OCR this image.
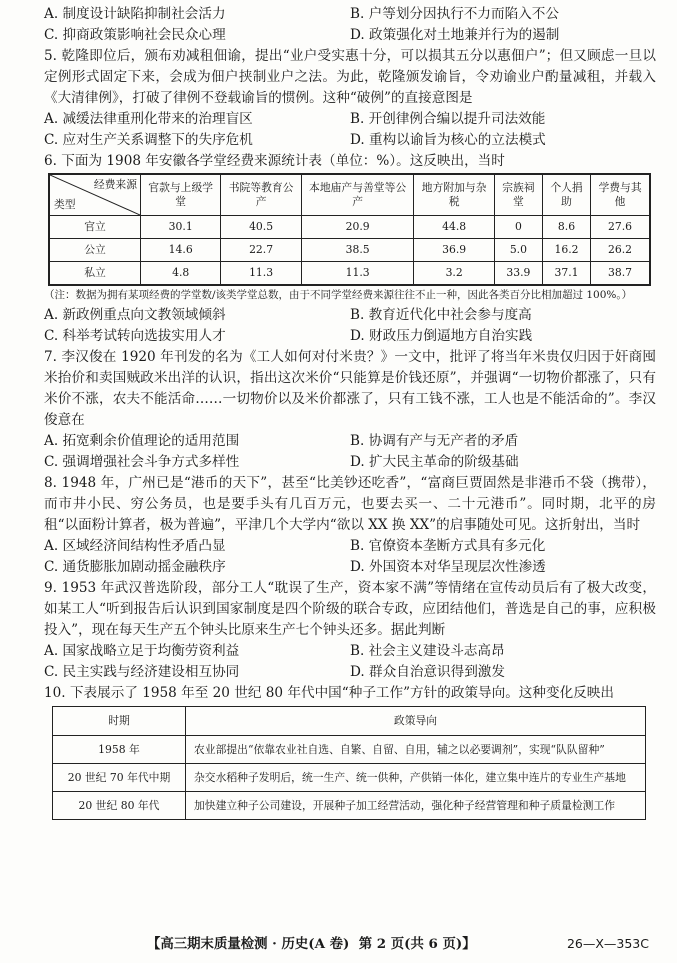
A. 制度设计缺陷抑制社会活力	B. 户等划分因执行不力而陷入不公
C. 抑商政策影响社会民众心理	D. 政策强化对土地兼并行为的遏制

5. 乾隆即位后，颁布劝减租佃谕，提出“业户受实惠十分，可以损其五分以惠佃户”；但又顾虑一旦以定例形式固定下来，会成为佃户挟制业户之法。为此，乾隆颁发谕旨，令劝谕业户酌量减租，并载入《大清律例》，打破了律例不登载谕旨的惯例。这种“破例”的直接意图是

A. 减缓法律重刑化带来的治理盲区	B. 开创律例合编以提升司法效能
C. 应对生产关系调整下的失序危机	D. 重构以谕旨为核心的立法模式

6. 下面为 1908 年安徽各学堂经费来源统计表（单位：%）。这反映出，当时

经费来源
类型	官款与上级学堂	书院等教育公产	本地庙产与善堂等公产	地方附加与杂税	宗族祠堂	个人捐助	学费与其他
官立	30.1	40.5	20.9	44.8	0	8.6	27.6
公立	14.6	22.7	38.5	36.9	5.0	16.2	26.2
私立	4.8	11.3	11.3	3.2	33.9	37.1	38.7

（注：数据为拥有某项经费的学堂数/该类学堂总数，由于不同学堂经费来源往往不止一种，因此各类百分比相加超过 100%。）

A. 新政例重点向文教领域倾斜	B. 教育近代化中社会参与度高
C. 科举考试转向选拔实用人才	D. 财政压力倒逼地方自治实践

7. 李汉俊在 1920 年刊发的名为《工人如何对付米贵？》一文中，批评了将当年米贵仅归因于奸商囤米抬价和卖国贼政米出洋的认识，指出这次米价“只能算是价钱还原”，并强调“一切物价都涨了，只有米价不涨，农夫不能活命……一切物价以及米价都涨了，只有工钱不涨，工人也是不能活命的”。李汉俊意在

A. 拓宽剩余价值理论的适用范围	B. 协调有产与无产者的矛盾
C. 强调增强社会斗争方式多样性	D. 扩大民主革命的阶级基础

8. 1948 年，广州已是“港币的天下”，甚至“比美钞还吃香”，“富商巨贾固然是非港币不袋（携带），而市井小民、穷公务员，也是要手头有几百万元，也要去买一、二十元港币”。同时期，北平的房租“以面粉计算者，极为普遍”，平津几个大学内“欲以 XX 换 XX”的启事随处可见。这折射出，当时

A. 区域经济间结构性矛盾凸显	B. 官僚资本垄断方式具有多元化
C. 通货膨胀加剧动摇金融秩序	D. 外国资本对华呈现层次性渗透

9. 1953 年武汉普选阶段，部分工人“耽误了生产，资本家不满”等情绪在宣传动员后有了极大改变，如某工人“听到报告后认识到国家制度是四个阶级的联合专政，应团结他们，普选是自己的事，应积极投入”，现在每天生产五个钟头比原来生产七个钟头还多。据此判断

A. 国家战略立足于均衡劳资利益	B. 社会主义建设斗志高昂
C. 民主实践与经济建设相互协同	D. 群众自治意识得到激发

10. 下表展示了 1958 年至 20 世纪 80 年代中国“种子工作”方针的政策导向。这种变化反映出

时期	政策导向
1958 年	农业部提出“依靠农业社自选、自繁、自留、自用，辅之以必要调剂”，实现“队队留种”
20 世纪 70 年代中期	杂交水稻种子发明后，统一生产、统一供种，产供销一体化，建立集中连片的专业生产基地
20 世纪 80 年代	加快建立种子公司建设，开展种子加工经营活动，强化种子经营管理和种子质量检测工作
【高三期末质量检测 · 历史(A 卷) 第 2 页(共 6 页)】	26—X—353C
